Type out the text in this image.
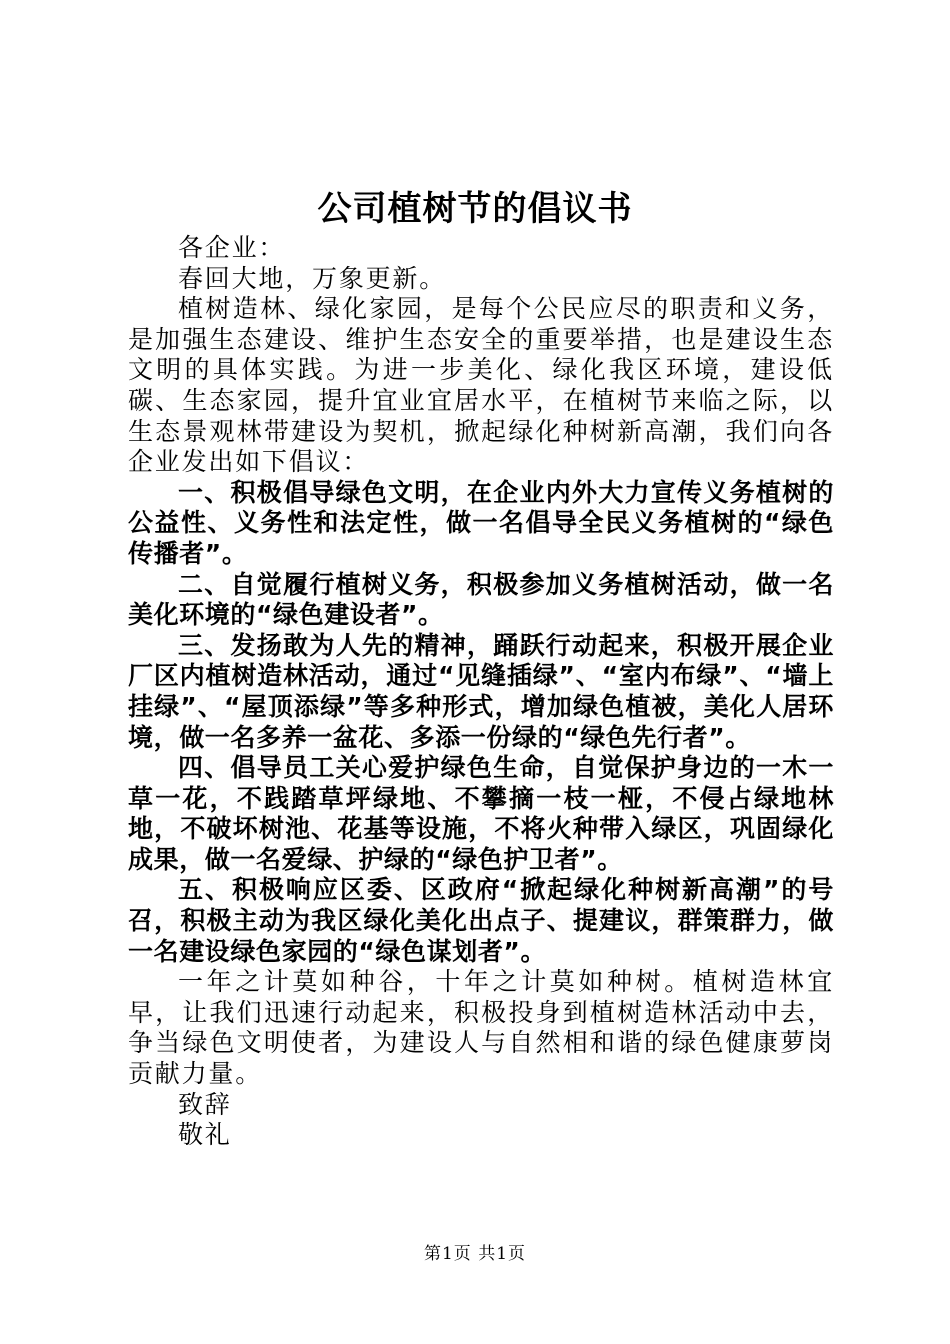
公司植树节的倡议书

各企业：

春回大地，万象更新。

植树造林、绿化家园，是每个公民应尽的职责和义务，是加强生态建设、维护生态安全的重要举措，也是建设生态文明的具体实践。为进一步美化、绿化我区环境，建设低碳、生态家园，提升宜业宜居水平，在植树节来临之际，以生态景观林带建设为契机，掀起绿化种树新高潮，我们向各企业发出如下倡议：

一、积极倡导绿色文明，在企业内外大力宣传义务植树的公益性、义务性和法定性，做一名倡导全民义务植树的“绿色传播者”。

二、自觉履行植树义务，积极参加义务植树活动，做一名美化环境的“绿色建设者”。

三、发扬敢为人先的精神，踊跃行动起来，积极开展企业厂区内植树造林活动，通过“见缝插绿”、“室内布绿”、“墙上挂绿”、“屋顶添绿”等多种形式，增加绿色植被，美化人居环境，做一名多养一盆花、多添一份绿的“绿色先行者”。

四、倡导员工关心爱护绿色生命，自觉保护身边的一木一草一花，不践踏草坪绿地、不攀摘一枝一桠，不侵占绿地林地，不破坏树池、花基等设施，不将火种带入绿区，巩固绿化成果，做一名爱绿、护绿的“绿色护卫者”。

五、积极响应区委、区政府“掀起绿化种树新高潮”的号召，积极主动为我区绿化美化出点子、提建议，群策群力，做一名建设绿色家园的“绿色谋划者”。

一年之计莫如种谷，十年之计莫如种树。植树造林宜早，让我们迅速行动起来，积极投身到植树造林活动中去，争当绿色文明使者，为建设人与自然相和谐的绿色健康萝岗贡献力量。

致辞

敬礼

第1页 共1页
